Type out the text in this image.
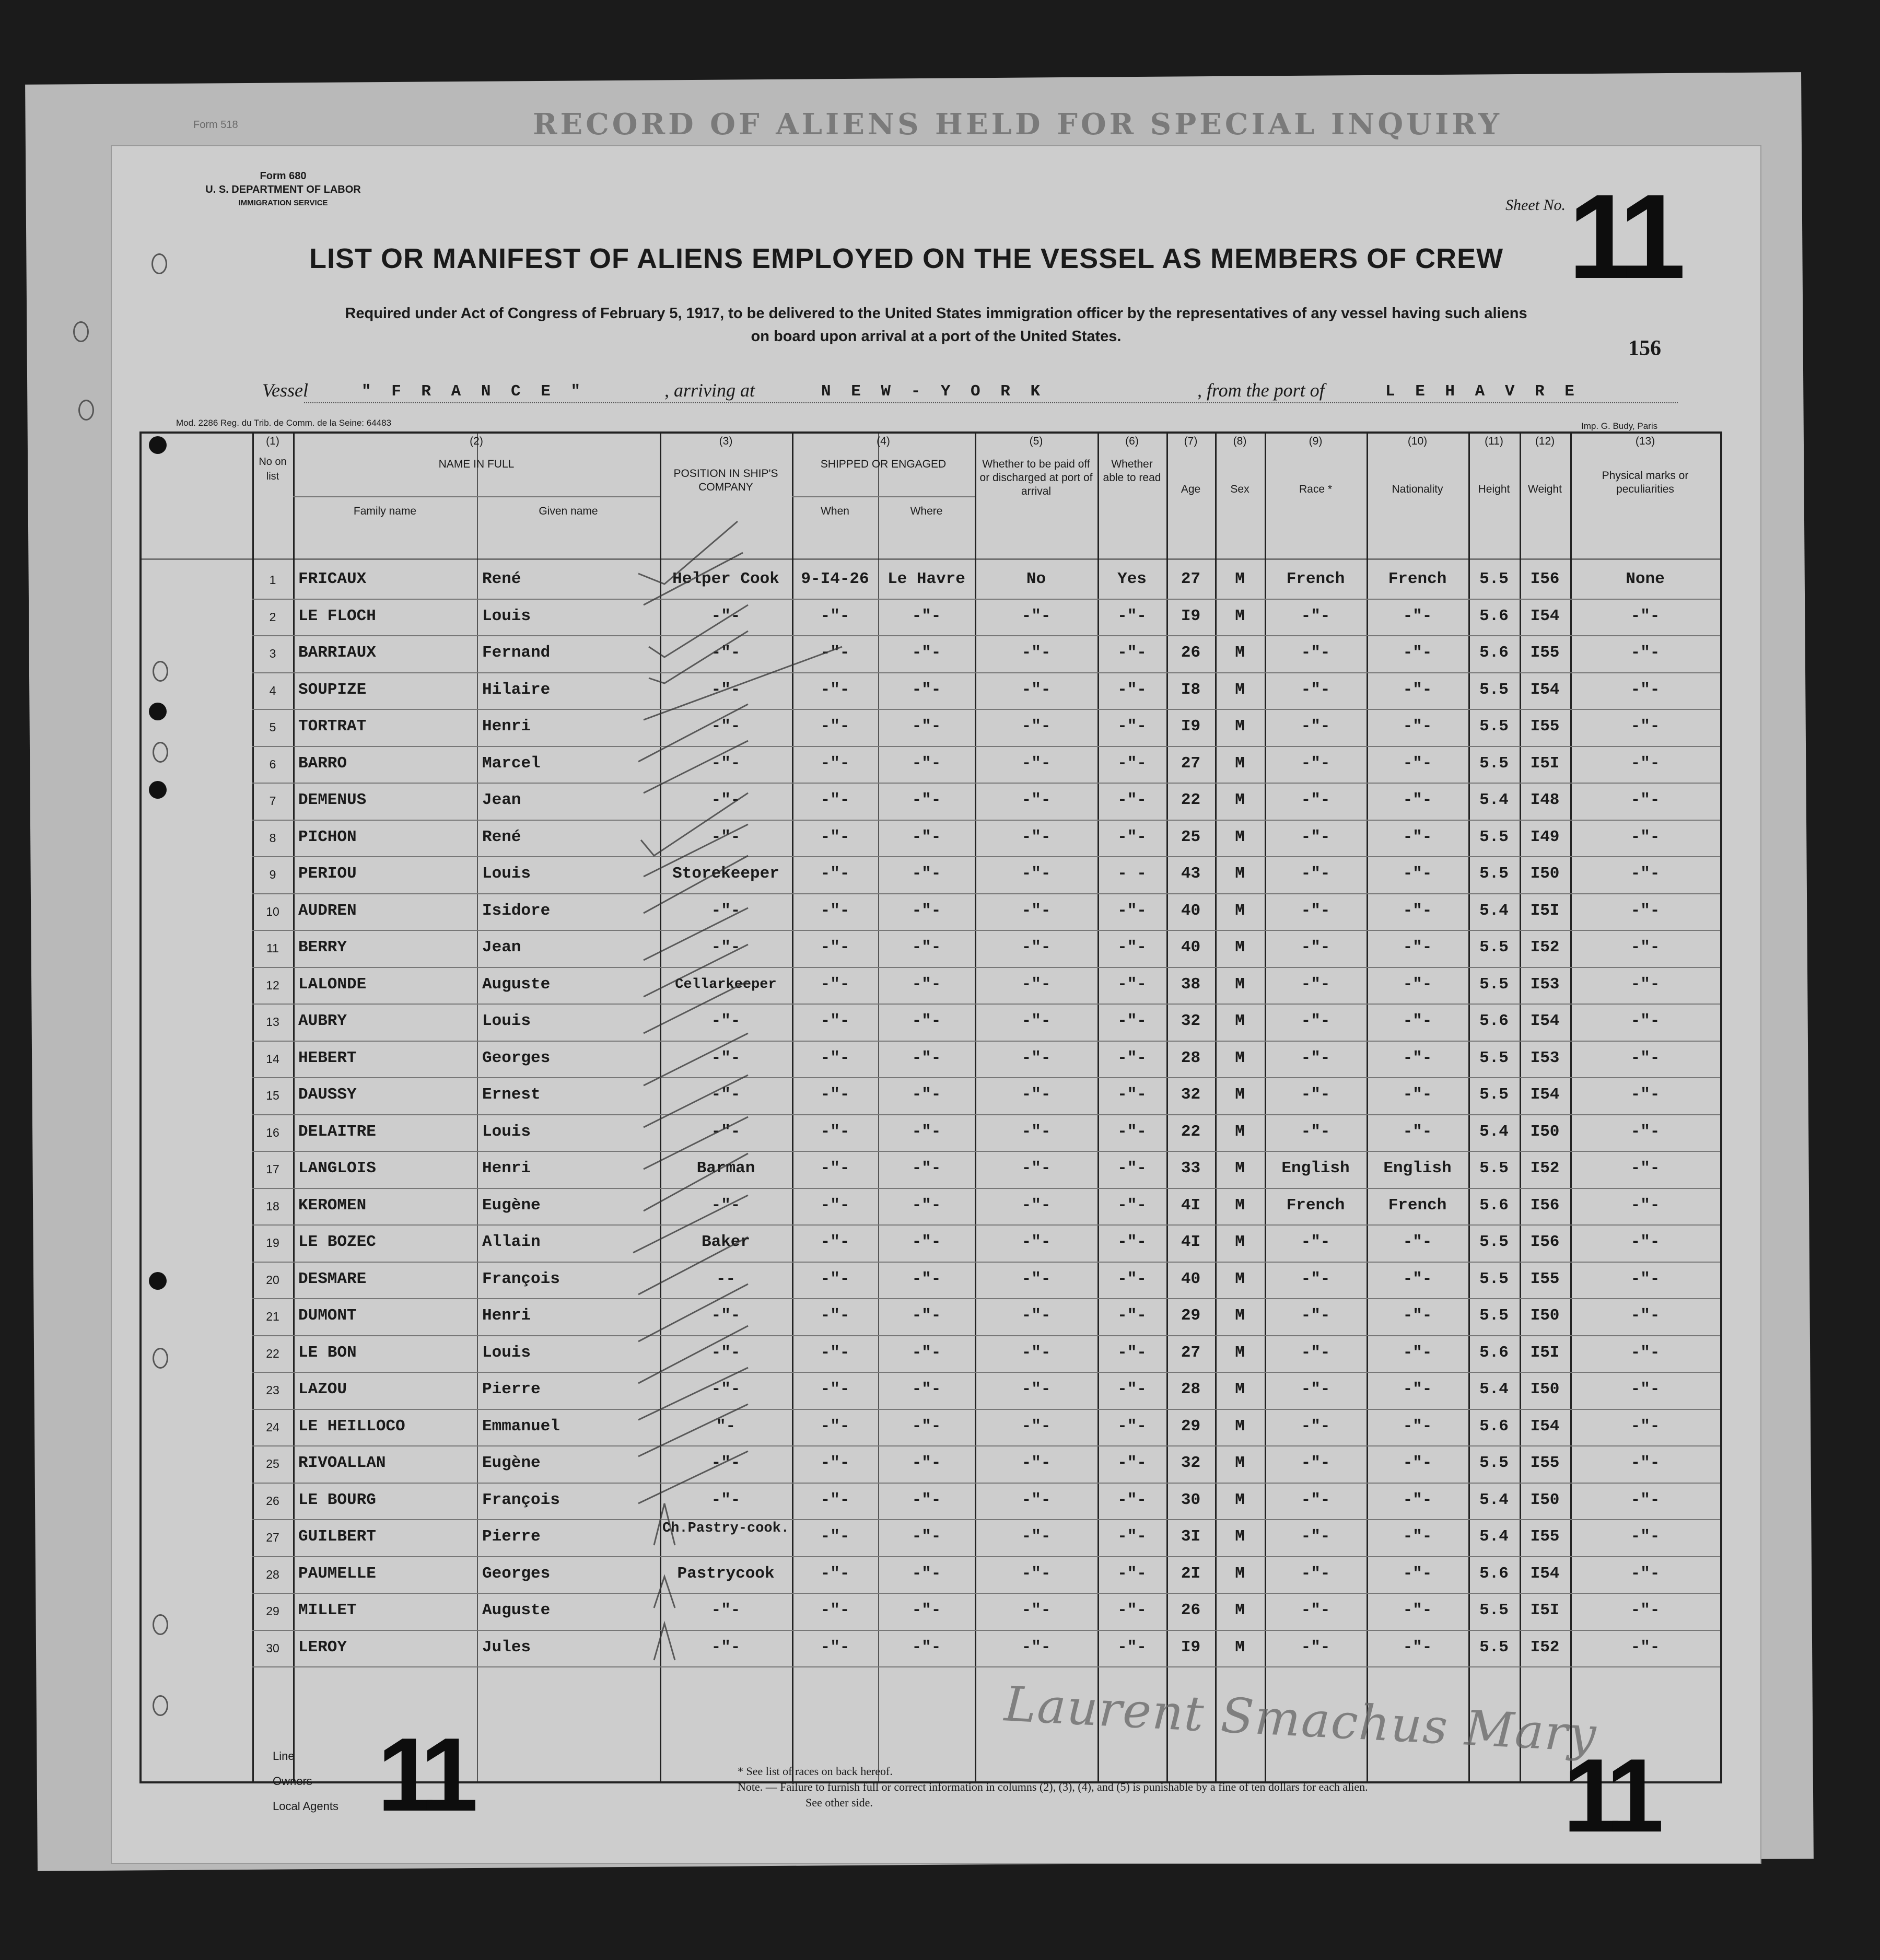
Form 518	RECORD OF ALIENS HELD FOR SPECIAL INQUIRY
Form 680
U. S. DEPARTMENT OF LABOR
IMMIGRATION SERVICE	Sheet No. 11
LIST OR MANIFEST OF ALIENS EMPLOYED ON THE VESSEL AS MEMBERS OF CREW
Required under Act of Congress of February 5, 1917, to be delivered to the United States immigration officer by the representatives of any vessel having such aliens
on board upon arrival at a port of the United States.	156
Vessel	" F R A N C E "	, arriving at	N E W - Y O R K	, from the port of	L E H A V R E
Mod. 2286 Reg. du Trib. de Comm. de la Seine: 64483	Imp. G. Budy, Paris
(1)
No on list
(2)
NAME IN FULL
Family name	Given name
(3)
POSITION IN SHIP'S COMPANY
(4)
SHIPPED OR ENGAGED
When	Where
(5)
Whether to be paid off or discharged at port of arrival
(6)
Whether able to read
(7)
Age
(8)
Sex
(9)
Race *
(10)
Nationality
(11)
Height
(12)
Weight
(13)
Physical marks or peculiarities
1	FRICAUX	René	Helper Cook	9-I4-26	Le Havre	No	Yes	27	M	French	French	5.5	I56	None
2	LE FLOCH	Louis	-"-	-"-	-"-	-"-	-"-	I9	M	-"-	-"-	5.6	I54	-"-
3	BARRIAUX	Fernand	-"-	-"-	-"-	-"-	-"-	26	M	-"-	-"-	5.6	I55	-"-
4	SOUPIZE	Hilaire	-"-	-"-	-"-	-"-	-"-	I8	M	-"-	-"-	5.5	I54	-"-
5	TORTRAT	Henri	-"-	-"-	-"-	-"-	-"-	I9	M	-"-	-"-	5.5	I55	-"-
6	BARRO	Marcel	-"-	-"-	-"-	-"-	-"-	27	M	-"-	-"-	5.5	I5I	-"-
7	DEMENUS	Jean	-"-	-"-	-"-	-"-	-"-	22	M	-"-	-"-	5.4	I48	-"-
8	PICHON	René	-"-	-"-	-"-	-"-	-"-	25	M	-"-	-"-	5.5	I49	-"-
9	PERIOU	Louis	Storekeeper	-"-	-"-	-"-	- -	43	M	-"-	-"-	5.5	I50	-"-
10	AUDREN	Isidore	-"-	-"-	-"-	-"-	-"-	40	M	-"-	-"-	5.4	I5I	-"-
11	BERRY	Jean	-"-	-"-	-"-	-"-	-"-	40	M	-"-	-"-	5.5	I52	-"-
12	LALONDE	Auguste	Cellarkeeper	-"-	-"-	-"-	-"-	38	M	-"-	-"-	5.5	I53	-"-
13	AUBRY	Louis	-"-	-"-	-"-	-"-	-"-	32	M	-"-	-"-	5.6	I54	-"-
14	HEBERT	Georges	-"-	-"-	-"-	-"-	-"-	28	M	-"-	-"-	5.5	I53	-"-
15	DAUSSY	Ernest	-"-	-"-	-"-	-"-	-"-	32	M	-"-	-"-	5.5	I54	-"-
16	DELAITRE	Louis	-"-	-"-	-"-	-"-	-"-	22	M	-"-	-"-	5.4	I50	-"-
17	LANGLOIS	Henri	Barman	-"-	-"-	-"-	-"-	33	M	English	English	5.5	I52	-"-
18	KEROMEN	Eugène	-"-	-"-	-"-	-"-	-"-	4I	M	French	French	5.6	I56	-"-
19	LE BOZEC	Allain	Baker	-"-	-"-	-"-	-"-	4I	M	-"-	-"-	5.5	I56	-"-
20	DESMARE	François	--	-"-	-"-	-"-	-"-	40	M	-"-	-"-	5.5	I55	-"-
21	DUMONT	Henri	-"-	-"-	-"-	-"-	-"-	29	M	-"-	-"-	5.5	I50	-"-
22	LE BON	Louis	-"-	-"-	-"-	-"-	-"-	27	M	-"-	-"-	5.6	I5I	-"-
23	LAZOU	Pierre	-"-	-"-	-"-	-"-	-"-	28	M	-"-	-"-	5.4	I50	-"-
24	LE HEILLOCO	Emmanuel	"-	-"-	-"-	-"-	-"-	29	M	-"-	-"-	5.6	I54	-"-
25	RIVOALLAN	Eugène	-"-	-"-	-"-	-"-	-"-	32	M	-"-	-"-	5.5	I55	-"-
26	LE BOURG	François	-"-	-"-	-"-	-"-	-"-	30	M	-"-	-"-	5.4	I50	-"-
27	GUILBERT	Pierre	Ch.Pastry-cook.	-"-	-"-	-"-	-"-	3I	M	-"-	-"-	5.4	I55	-"-
28	PAUMELLE	Georges	Pastrycook	-"-	-"-	-"-	-"-	2I	M	-"-	-"-	5.6	I54	-"-
29	MILLET	Auguste	-"-	-"-	-"-	-"-	-"-	26	M	-"-	-"-	5.5	I5I	-"-
30	LEROY	Jules	-"-	-"-	-"-	-"-	-"-	I9	M	-"-	-"-	5.5	I52	-"-
Line
Owners
Local Agents 11	11
* See list of races on back hereof.
Note. — Failure to furnish full or correct information in columns (2), (3), (4), and (5) is punishable by a fine of ten dollars for each alien.
See other side.
Laurent Smachus Mary
